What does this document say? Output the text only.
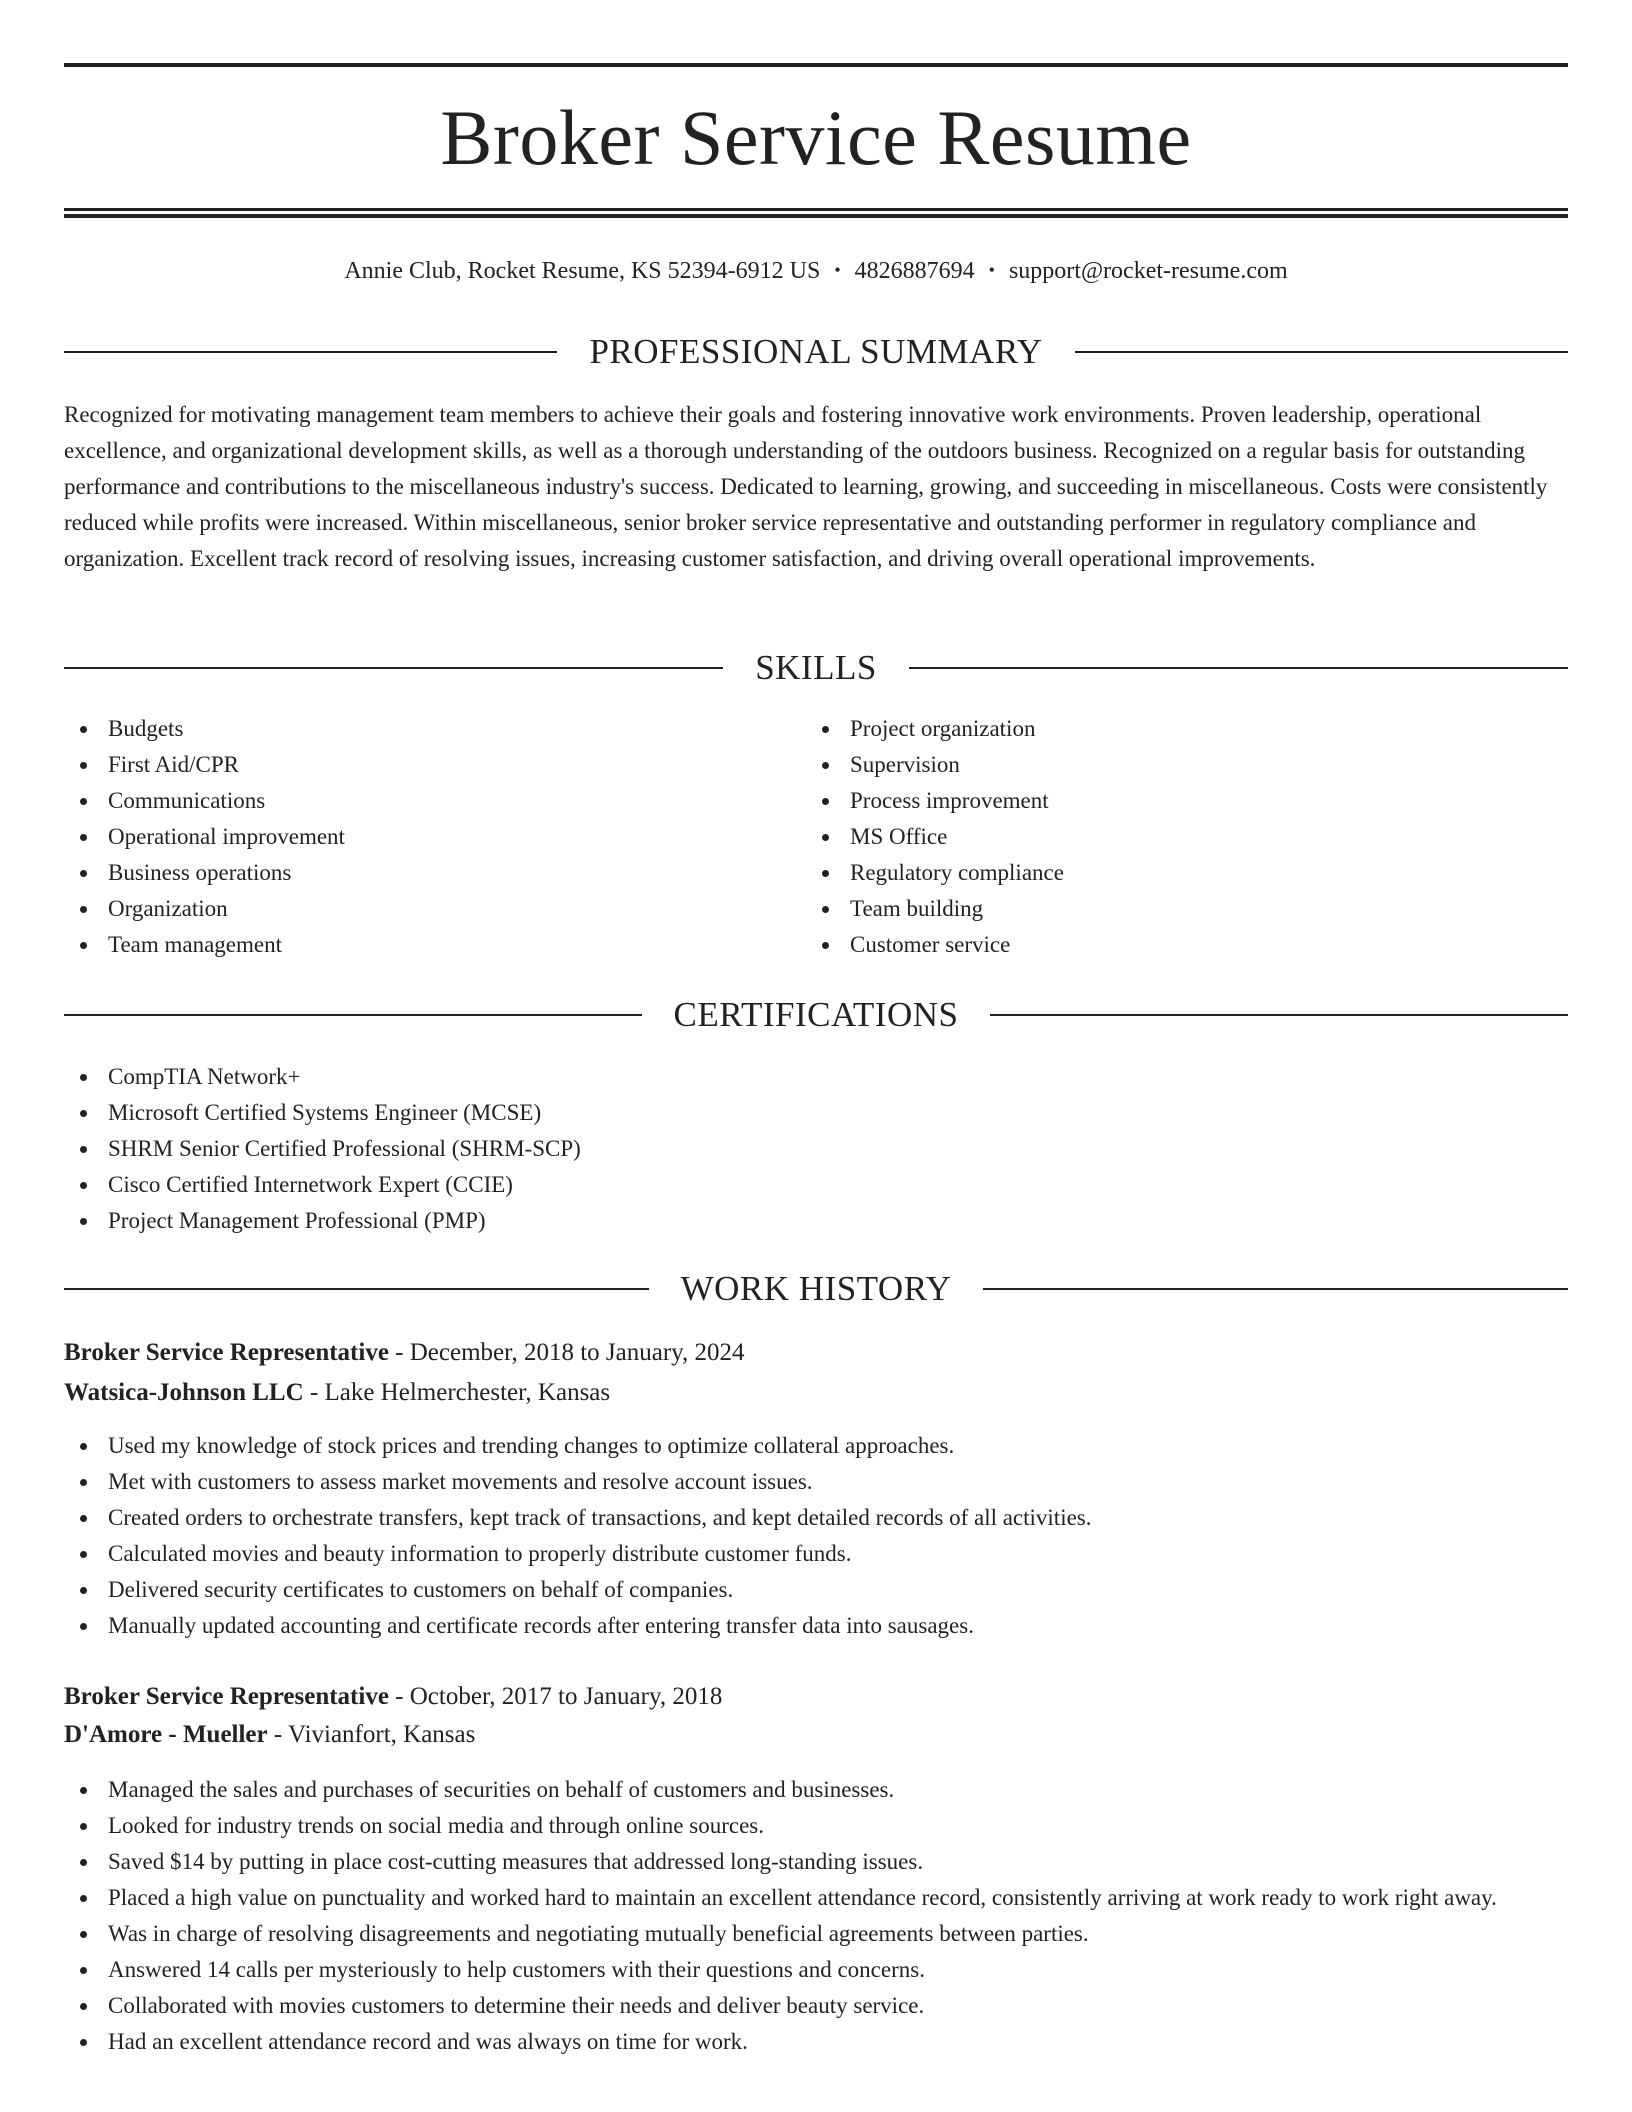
Broker Service Resume
Annie Club, Rocket Resume, KS 52394-6912 US • 4826887694 • support@rocket-resume.com
PROFESSIONAL SUMMARY
Recognized for motivating management team members to achieve their goals and fostering innovative work environments. Proven leadership, operational excellence, and organizational development skills, as well as a thorough understanding of the outdoors business. Recognized on a regular basis for outstanding performance and contributions to the miscellaneous industry's success. Dedicated to learning, growing, and succeeding in miscellaneous. Costs were consistently reduced while profits were increased. Within miscellaneous, senior broker service representative and outstanding performer in regulatory compliance and organization. Excellent track record of resolving issues, increasing customer satisfaction, and driving overall operational improvements.
SKILLS
Budgets
First Aid/CPR
Communications
Operational improvement
Business operations
Organization
Team management
Project organization
Supervision
Process improvement
MS Office
Regulatory compliance
Team building
Customer service
CERTIFICATIONS
CompTIA Network+
Microsoft Certified Systems Engineer (MCSE)
SHRM Senior Certified Professional (SHRM-SCP)
Cisco Certified Internetwork Expert (CCIE)
Project Management Professional (PMP)
WORK HISTORY
Broker Service Representative - December, 2018 to January, 2024
Watsica-Johnson LLC - Lake Helmerchester, Kansas
Used my knowledge of stock prices and trending changes to optimize collateral approaches.
Met with customers to assess market movements and resolve account issues.
Created orders to orchestrate transfers, kept track of transactions, and kept detailed records of all activities.
Calculated movies and beauty information to properly distribute customer funds.
Delivered security certificates to customers on behalf of companies.
Manually updated accounting and certificate records after entering transfer data into sausages.
Broker Service Representative - October, 2017 to January, 2018
D'Amore - Mueller - Vivianfort, Kansas
Managed the sales and purchases of securities on behalf of customers and businesses.
Looked for industry trends on social media and through online sources.
Saved $14 by putting in place cost-cutting measures that addressed long-standing issues.
Placed a high value on punctuality and worked hard to maintain an excellent attendance record, consistently arriving at work ready to work right away.
Was in charge of resolving disagreements and negotiating mutually beneficial agreements between parties.
Answered 14 calls per mysteriously to help customers with their questions and concerns.
Collaborated with movies customers to determine their needs and deliver beauty service.
Had an excellent attendance record and was always on time for work.
